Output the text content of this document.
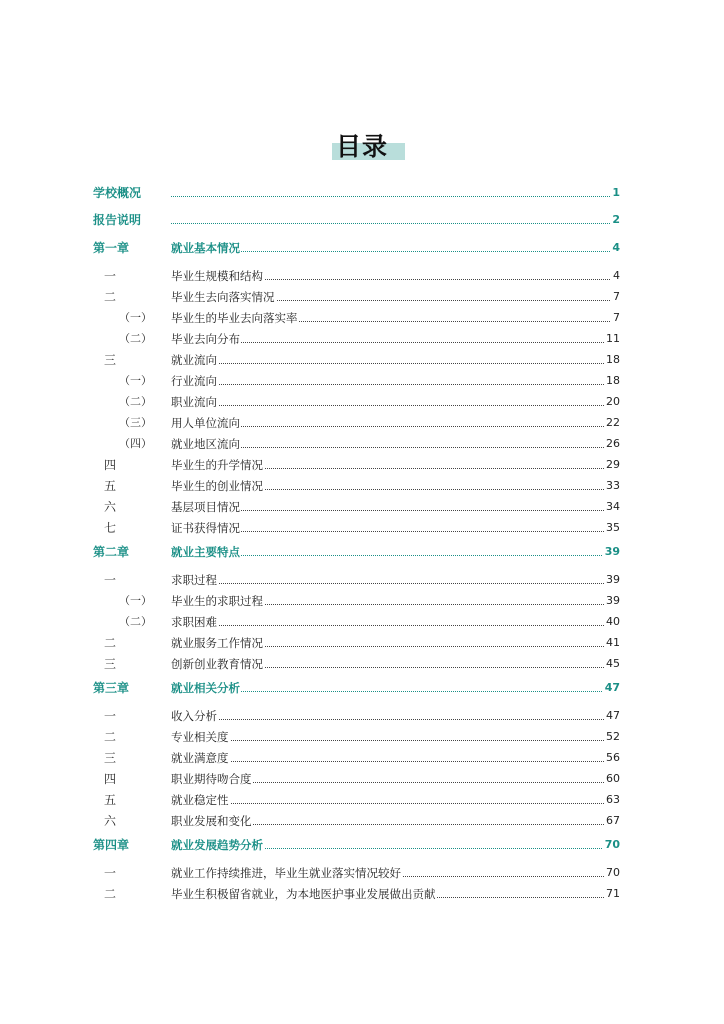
目录
学校概况	1
报告说明	2
第一章	就业基本情况	4
一	毕业生规模和结构	4
二	毕业生去向落实情况	7
（一） 毕业生的毕业去向落实率	7
（二） 毕业去向分布	11
三	就业流向	18
（一） 行业流向	18
（二） 职业流向	20
（三） 用人单位流向	22
（四） 就业地区流向	26
四	毕业生的升学情况	29
五	毕业生的创业情况	33
六	基层项目情况	34
七	证书获得情况	35
第二章	就业主要特点	39
一	求职过程	39
（一） 毕业生的求职过程	39
（二） 求职困难	40
二	就业服务工作情况	41
三	创新创业教育情况	45
第三章	就业相关分析	47
一	收入分析	47
二	专业相关度	52
三	就业满意度	56
四	职业期待吻合度	60
五	就业稳定性	63
六	职业发展和变化	67
第四章	就业发展趋势分析	70
一	就业工作持续推进，毕业生就业落实情况较好	70
二	毕业生积极留省就业，为本地医护事业发展做出贡献	71
